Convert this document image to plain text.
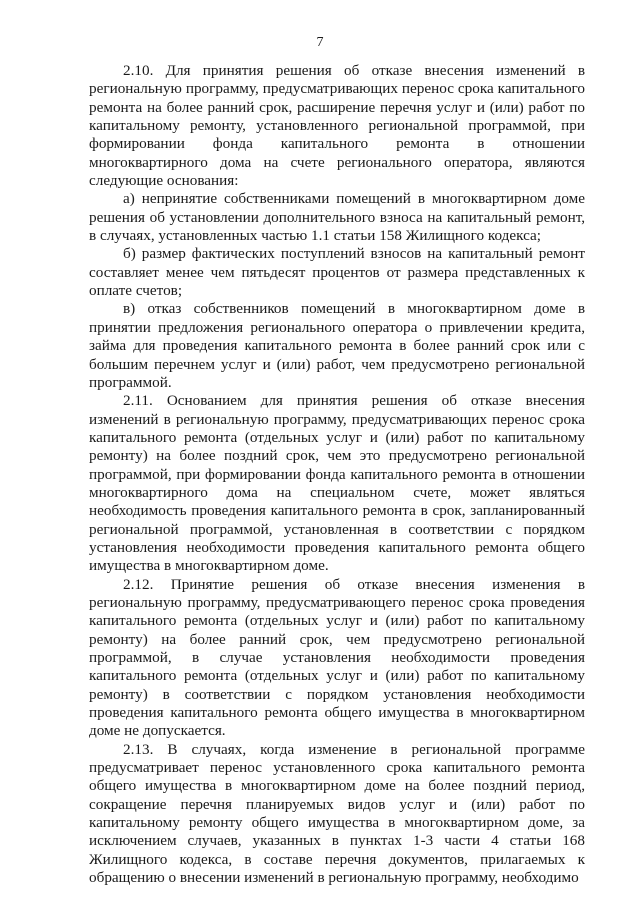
7

2.10. Для принятия решения об отказе внесения изменений в региональную программу, предусматривающих перенос срока капитального ремонта на более ранний срок, расширение перечня услуг и (или) работ по капитальному ремонту, установленного региональной программой, при формировании фонда капитального ремонта в отношении многоквартирного дома на счете регионального оператора, являются следующие основания:

а) непринятие собственниками помещений в многоквартирном доме решения об установлении дополнительного взноса на капитальный ремонт, в случаях, установленных частью 1.1 статьи 158 Жилищного кодекса;

б) размер фактических поступлений взносов на капитальный ремонт составляет менее чем пятьдесят процентов от размера представленных к оплате счетов;

в) отказ собственников помещений в многоквартирном доме в принятии предложения регионального оператора о привлечении кредита, займа для проведения капитального ремонта в более ранний срок или с большим перечнем услуг и (или) работ, чем предусмотрено региональной программой.

2.11. Основанием для принятия решения об отказе внесения изменений в региональную программу, предусматривающих перенос срока капитального ремонта (отдельных услуг и (или) работ по капитальному ремонту) на более поздний срок, чем это предусмотрено региональной программой, при формировании фонда капитального ремонта в отношении многоквартирного дома на специальном счете, может являться необходимость проведения капитального ремонта в срок, запланированный региональной программой, установленная в соответствии с порядком установления необходимости проведения капитального ремонта общего имущества в многоквартирном доме.

2.12. Принятие решения об отказе внесения изменения в региональную программу, предусматривающего перенос срока проведения капитального ремонта (отдельных услуг и (или) работ по капитальному ремонту) на более ранний срок, чем предусмотрено региональной программой, в случае установления необходимости проведения капитального ремонта (отдельных услуг и (или) работ по капитальному ремонту) в соответствии с порядком установления необходимости проведения капитального ремонта общего имущества в многоквартирном доме не допускается.

2.13. В случаях, когда изменение в региональной программе предусматривает перенос установленного срока капитального ремонта общего имущества в многоквартирном доме на более поздний период, сокращение перечня планируемых видов услуг и (или) работ по капитальному ремонту общего имущества в многоквартирном доме, за исключением случаев, указанных в пунктах 1-3 части 4 статьи 168 Жилищного кодекса, в составе перечня документов, прилагаемых к обращению о внесении изменений в региональную программу, необходимо
